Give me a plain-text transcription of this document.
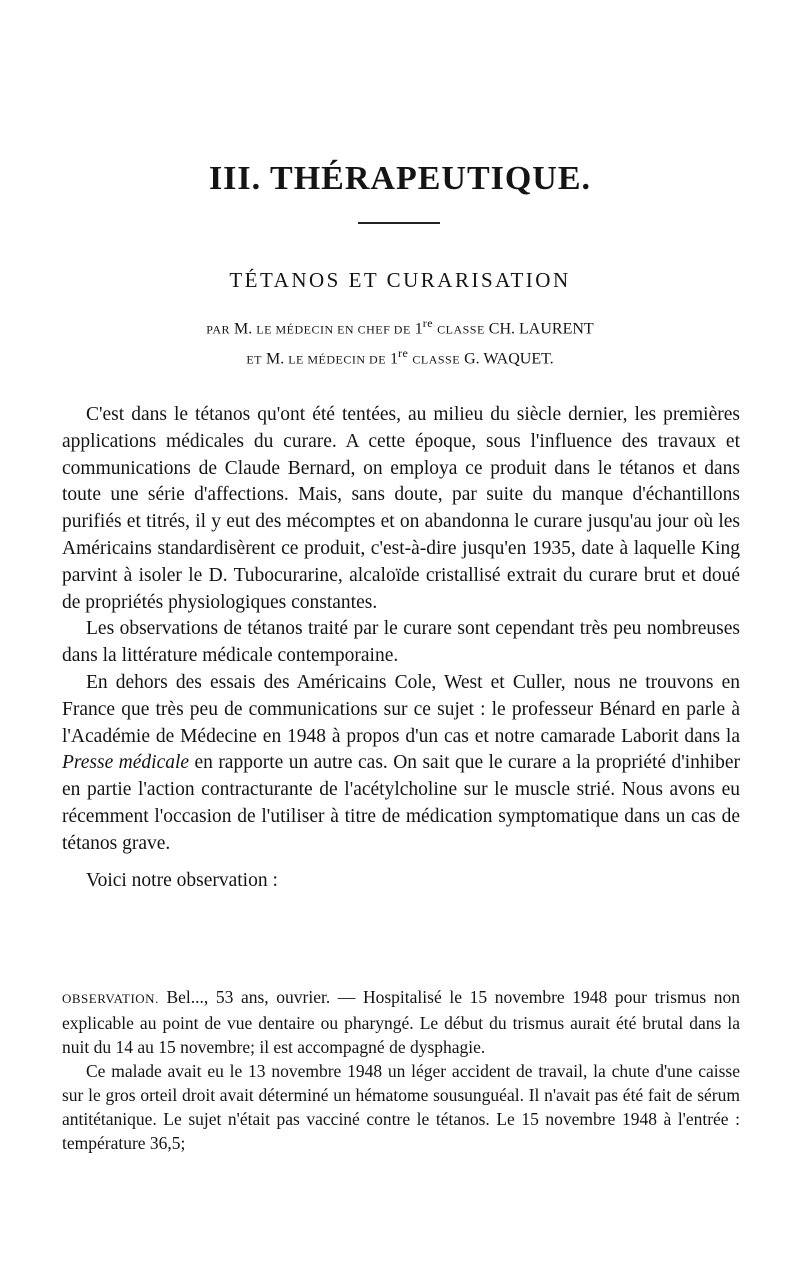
III. THÉRAPEUTIQUE.
TÉTANOS ET CURARISATION

PAR M. LE MÉDECIN EN CHEF DE 1re CLASSE CH. LAURENT

ET M. LE MÉDECIN DE 1re CLASSE G. WAQUET.

C'est dans le tétanos qu'ont été tentées, au milieu du siècle dernier, les premières applications médicales du curare. A cette époque, sous l'influence des travaux et communications de Claude Bernard, on employa ce produit dans le tétanos et dans toute une série d'affections. Mais, sans doute, par suite du manque d'échantillons purifiés et titrés, il y eut des mécomptes et on abandonna le curare jusqu'au jour où les Américains standardisèrent ce produit, c'est-à-dire jusqu'en 1935, date à laquelle King parvint à isoler le D. Tubocurarine, alcaloïde cristallisé extrait du curare brut et doué de propriétés physiologiques constantes.

Les observations de tétanos traité par le curare sont cependant très peu nombreuses dans la littérature médicale contemporaine.

En dehors des essais des Américains Cole, West et Culler, nous ne trouvons en France que très peu de communications sur ce sujet : le professeur Bénard en parle à l'Académie de Médecine en 1948 à propos d'un cas et notre camarade Laborit dans la Presse médicale en rapporte un autre cas. On sait que le curare a la propriété d'inhiber en partie l'action contracturante de l'acétylcholine sur le muscle strié. Nous avons eu récemment l'occasion de l'utiliser à titre de médication symptomatique dans un cas de tétanos grave.

Voici notre observation :

OBSERVATION. Bel..., 53 ans, ouvrier. — Hospitalisé le 15 novembre 1948 pour trismus non explicable au point de vue dentaire ou pharyngé. Le début du trismus aurait été brutal dans la nuit du 14 au 15 novembre; il est accompagné de dysphagie.

Ce malade avait eu le 13 novembre 1948 un léger accident de travail, la chute d'une caisse sur le gros orteil droit avait déterminé un hématome sousunguéal. Il n'avait pas été fait de sérum antitétanique. Le sujet n'était pas vacciné contre le tétanos. Le 15 novembre 1948 à l'entrée : température 36,5;
